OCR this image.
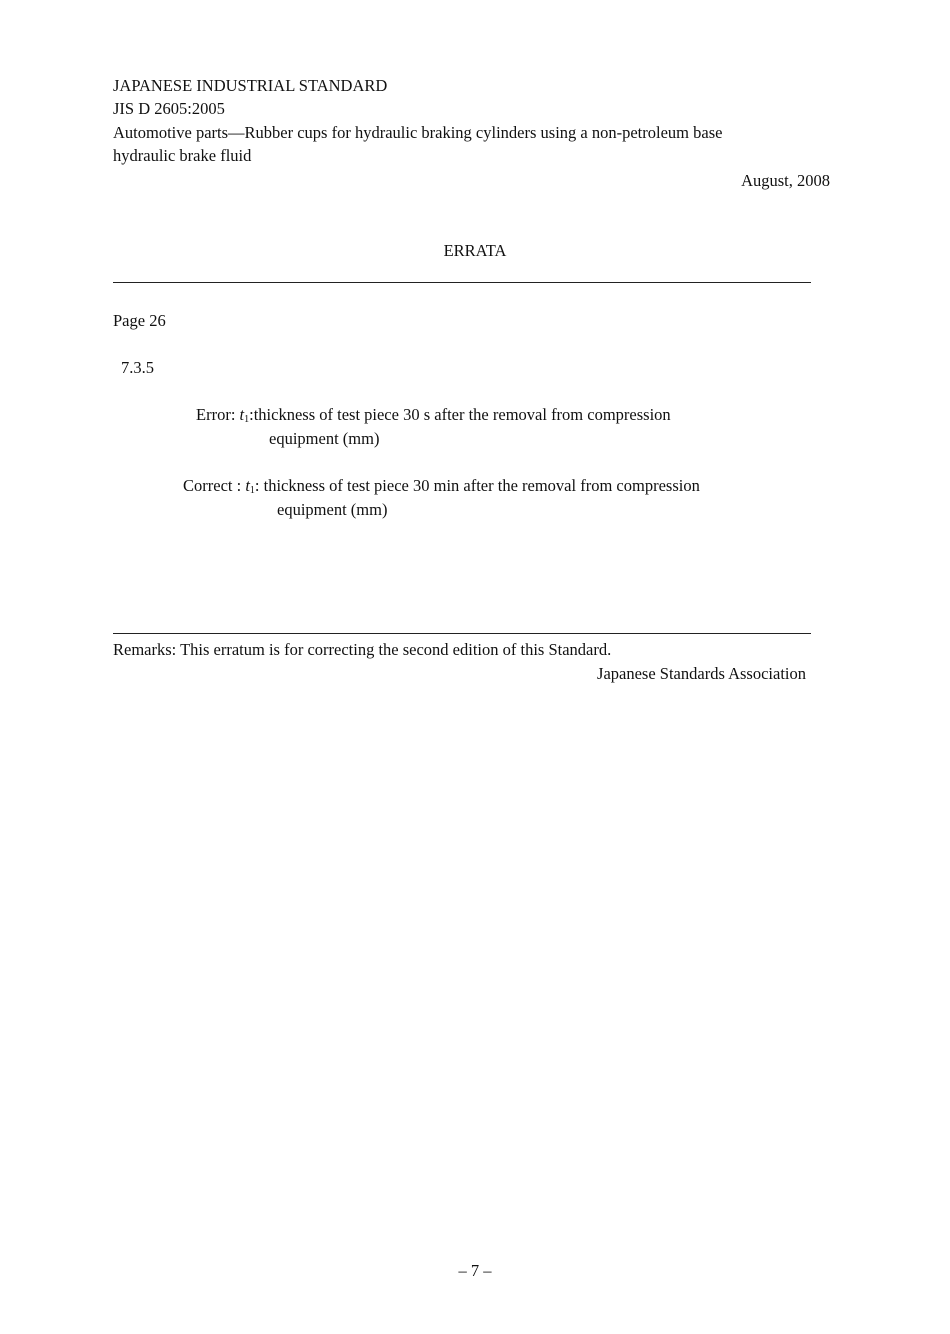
JAPANESE INDUSTRIAL STANDARD
JIS D 2605:2005
Automotive parts—Rubber cups for hydraulic braking cylinders using a non-petroleum base
hydraulic brake fluid
August, 2008
ERRATA
Page 26
7.3.5
Error: $t_1:thickness$ of test piece 30 s after the removal from compression
equipment (mm)
Correct : $t_1$: thickness of test piece 30 min after the removal from compression
equipment (mm)
Remarks: This erratum is for correcting the second edition of this Standard.
Japanese Standards Association
– 7 –
